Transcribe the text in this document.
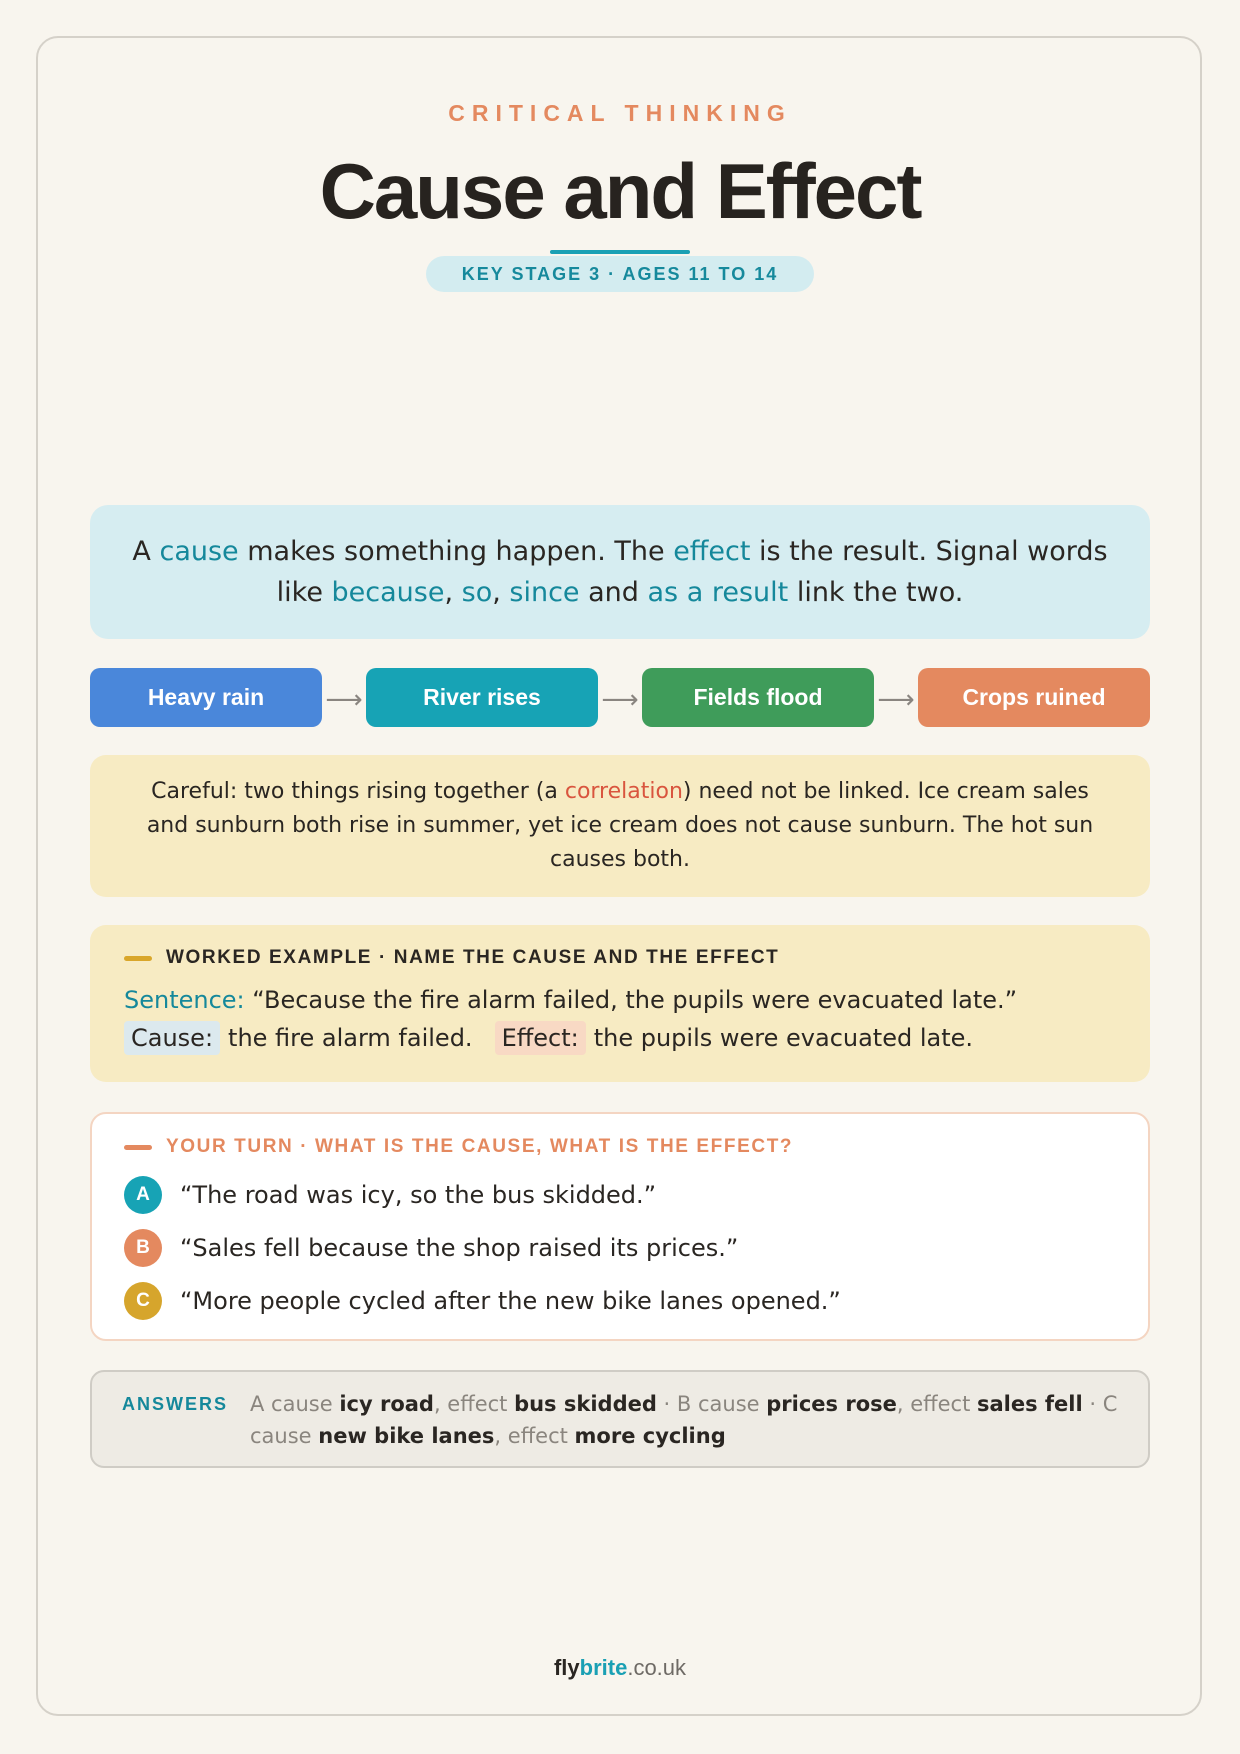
CRITICAL THINKING
Cause and Effect
KEY STAGE 3 · AGES 11 TO 14
A cause makes something happen. The effect is the result. Signal words like because, so, since and as a result link the two.
Heavy rain	⟶	River rises	⟶	Fields flood	⟶	Crops ruined
Careful: two things rising together (a correlation) need not be linked. Ice cream sales and sunburn both rise in summer, yet ice cream does not cause sunburn. The hot sun causes both.
WORKED EXAMPLE · NAME THE CAUSE AND THE EFFECT
Sentence: “Because the fire alarm failed, the pupils were evacuated late.”
Cause: the fire alarm failed. Effect: the pupils were evacuated late.
YOUR TURN · WHAT IS THE CAUSE, WHAT IS THE EFFECT?
A	“The road was icy, so the bus skidded.”
B	“Sales fell because the shop raised its prices.”
C	“More people cycled after the new bike lanes opened.”
ANSWERS	A cause icy road, effect bus skidded · B cause prices rose, effect sales fell · C cause new bike lanes, effect more cycling
flybrite.co.uk
